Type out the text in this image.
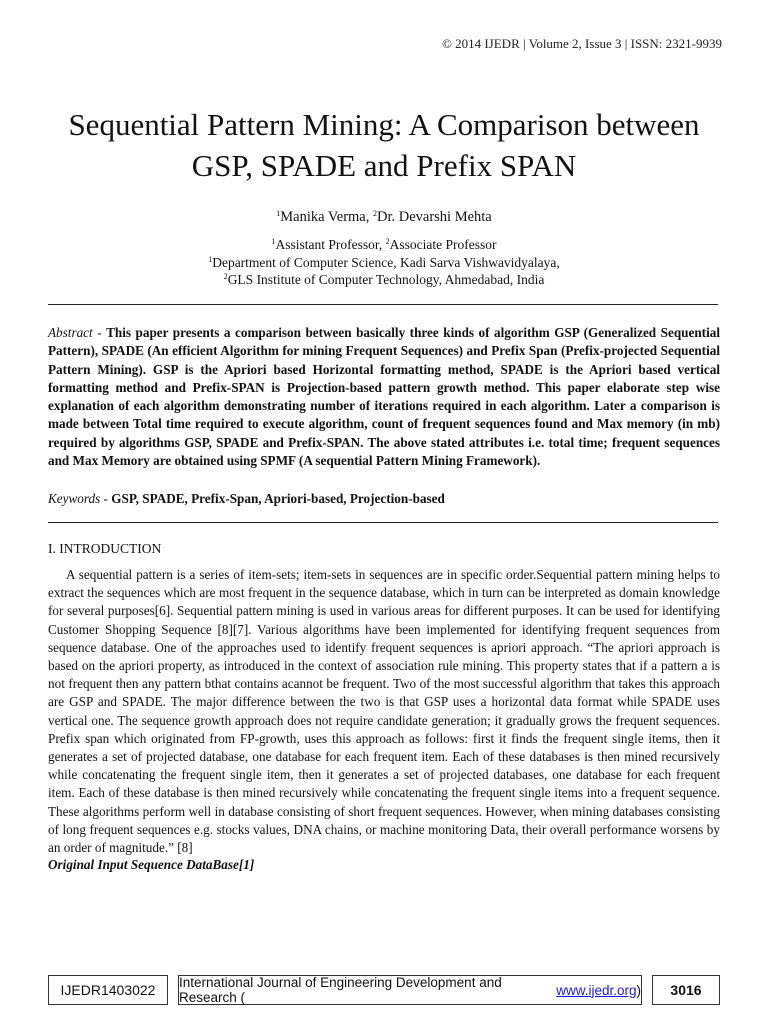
© 2014 IJEDR | Volume 2, Issue 3 | ISSN: 2321-9939
Sequential Pattern Mining: A Comparison between
GSP, SPADE and Prefix SPAN
$^1$Manika Verma, $^2$Dr. Devarshi Mehta
$^1$Assistant Professor, $^2$Associate Professor
$^1$Department of Computer Science, Kadi Sarva Vishwavidyalaya,
$^2$GLS Institute of Computer Technology, Ahmedabad, India
Abstract - This paper presents a comparison between basically three kinds of algorithm GSP (Generalized Sequential Pattern), SPADE (An efficient Algorithm for mining Frequent Sequences) and Prefix Span (Prefix-projected Sequential Pattern Mining). GSP is the Apriori based Horizontal formatting method, SPADE is the Apriori based vertical formatting method and Prefix-SPAN is Projection-based pattern growth method. This paper elaborate step wise explanation of each algorithm demonstrating number of iterations required in each algorithm. Later a comparison is made between Total time required to execute algorithm, count of frequent sequences found and Max memory (in mb) required by algorithms GSP, SPADE and Prefix-SPAN. The above stated attributes i.e. total time; frequent sequences and Max Memory are obtained using SPMF (A sequential Pattern Mining Framework).
Keywords - GSP, SPADE, Prefix-Span, Apriori-based, Projection-based
I. INTRODUCTION

A sequential pattern is a series of item-sets; item-sets in sequences are in specific order.Sequential pattern mining helps to extract the sequences which are most frequent in the sequence database, which in turn can be interpreted as domain knowledge for several purposes[6]. Sequential pattern mining is used in various areas for different purposes. It can be used for identifying Customer Shopping Sequence [8][7]. Various algorithms have been implemented for identifying frequent sequences from sequence database. One of the approaches used to identify frequent sequences is apriori approach. “The apriori approach is based on the apriori property, as introduced in the context of association rule mining. This property states that if a pattern a is not frequent then any pattern bthat contains acannot be frequent. Two of the most successful algorithm that takes this approach are GSP and SPADE. The major difference between the two is that GSP uses a horizontal data format while SPADE uses vertical one. The sequence growth approach does not require candidate generation; it gradually grows the frequent sequences. Prefix span which originated from FP-growth, uses this approach as follows: first it finds the frequent single items, then it generates a set of projected database, one database for each frequent item. Each of these databases is then mined recursively while concatenating the frequent single item, then it generates a set of projected databases, one database for each frequent item. Each of these database is then mined recursively while concatenating the frequent single items into a frequent sequence. These algorithms perform well in database consisting of short frequent sequences. However, when mining databases consisting of long frequent sequences e.g. stocks values, DNA chains, or machine monitoring Data, their overall performance worsens by an order of magnitude.” [8]

Original Input Sequence DataBase[1]
IJEDR1403022 International Journal of Engineering Development and Research (	www.ijedr.org ) 3016
